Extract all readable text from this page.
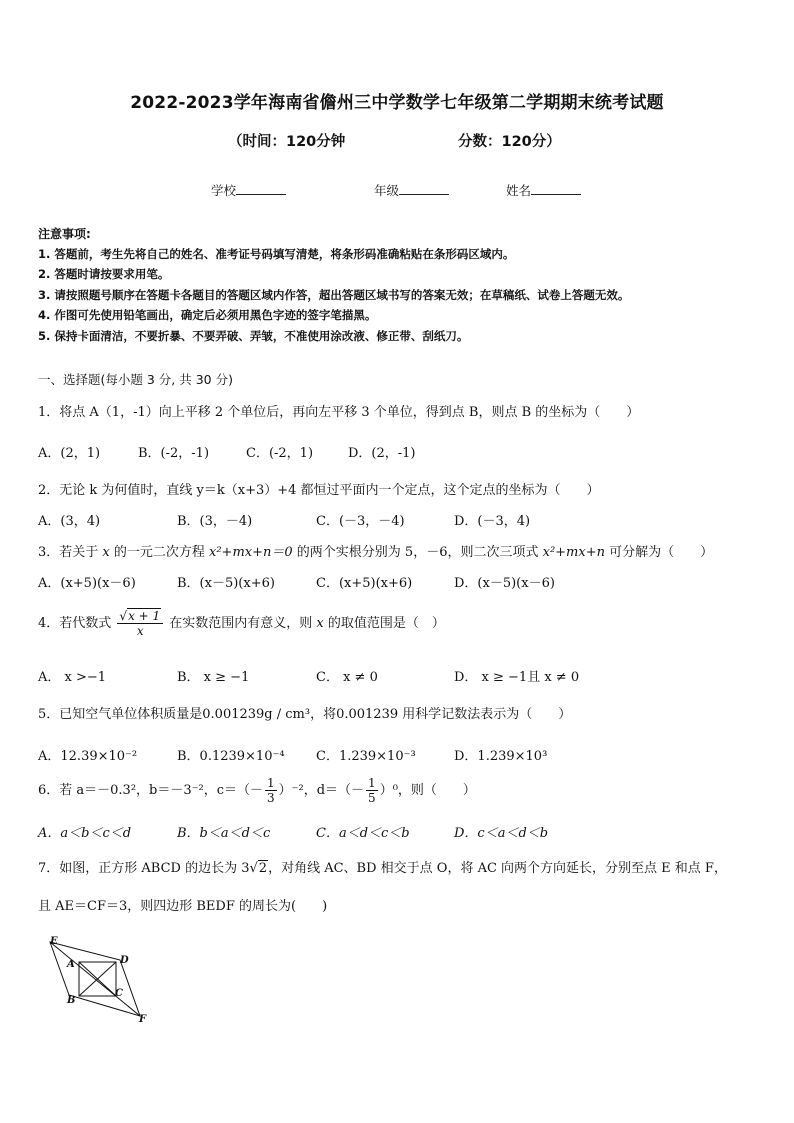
2022-2023学年海南省儋州三中学数学七年级第二学期期末统考试题
（时间：120分钟	分数：120分）
学校	年级	姓名
注意事项:
1. 答题前，考生先将自己的姓名、准考证号码填写清楚，将条形码准确粘贴在条形码区域内。
2. 答题时请按要求用笔。
3. 请按照题号顺序在答题卡各题目的答题区域内作答，超出答题区域书写的答案无效；在草稿纸、试卷上答题无效。
4. 作图可先使用铅笔画出，确定后必须用黑色字迹的签字笔描黑。
5. 保持卡面清洁，不要折暴、不要弄破、弄皱，不准使用涂改液、修正带、刮纸刀。
一、选择题(每小题 3 分, 共 30 分)
1．将点 A（1，-1）向上平移 2 个单位后，再向左平移 3 个单位，得到点 B，则点 B 的坐标为（　　）
A．(2，1)	B．(-2，-1)	C．(-2，1)	D．(2，-1)
2．无论 k 为何值时，直线 y＝k（x+3）+4 都恒过平面内一个定点，这个定点的坐标为（　　）
A．(3，4)	B．(3，－4)	C．(－3，－4)	D．(－3，4)
3．若关于 x 的一元二次方程 x²+mx+n＝0 的两个实根分别为 5，－6，则二次三项式 x²+mx+n 可分解为（　　）
A．(x+5)(x－6)	B．(x－5)(x+6)	C．(x+5)(x+6)	D．(x－5)(x－6)
4．若代数式 $\frac{√x + 1}{x}$ 在实数范围内有意义，则 x 的取值范围是（　）
A． x >−1	B． x ≥ −1	C． x ≠ 0	D． x ≥ −1且 x ≠ 0
5．已知空气单位体积质量是0.001239g / cm³，将0.001239 用科学记数法表示为（　　）
A．12.39×10⁻²	B．0.1239×10⁻⁴ C．1.239×10⁻³	D．1.239×10³
6．若 a＝－0.3²，b＝－3⁻²，$c=(- \frac{1}{3} )^{-2}$，$d=(- \frac{1}{5} )^0$，则（　　）
A．a＜b＜c＜d	B．b＜a＜d＜c	C．a＜d＜c＜b	D．c＜a＜d＜b
7．如图，正方形 ABCD 的边长为 3√2，对角线 AC、BD 相交于点 O，将 AC 向两个方向延长，分别至点 E 和点 F，
且 AE＝CF＝3，则四边形 BEDF 的周长为(　　)
E
A	D
B
C
F
